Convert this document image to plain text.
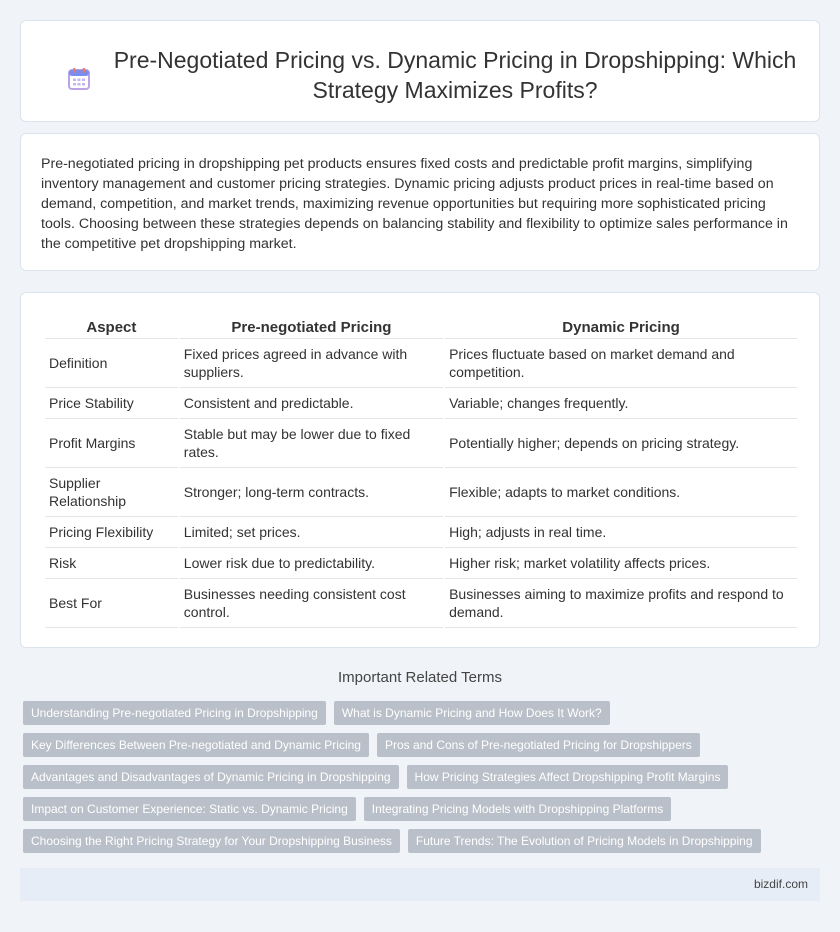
Pre-Negotiated Pricing vs. Dynamic Pricing in Dropshipping: Which Strategy Maximizes Profits?

Pre-negotiated pricing in dropshipping pet products ensures fixed costs and predictable profit margins, simplifying inventory management and customer pricing strategies. Dynamic pricing adjusts product prices in real-time based on demand, competition, and market trends, maximizing revenue opportunities but requiring more sophisticated pricing tools. Choosing between these strategies depends on balancing stability and flexibility to optimize sales performance in the competitive pet dropshipping market.

Aspect	Pre-negotiated Pricing	Dynamic Pricing
Definition	Fixed prices agreed in advance with suppliers.	Prices fluctuate based on market demand and competition.
Price Stability	Consistent and predictable.	Variable; changes frequently.
Profit Margins	Stable but may be lower due to fixed rates.	Potentially higher; depends on pricing strategy.
Supplier Relationship	Stronger; long-term contracts.	Flexible; adapts to market conditions.
Pricing Flexibility	Limited; set prices.	High; adjusts in real time.
Risk	Lower risk due to predictability.	Higher risk; market volatility affects prices.
Best For	Businesses needing consistent cost control.	Businesses aiming to maximize profits and respond to demand.
Important Related Terms
Understanding Pre-negotiated Pricing in Dropshipping	What is Dynamic Pricing and How Does It Work?
Key Differences Between Pre-negotiated and Dynamic Pricing	Pros and Cons of Pre-negotiated Pricing for Dropshippers
Advantages and Disadvantages of Dynamic Pricing in Dropshipping	How Pricing Strategies Affect Dropshipping Profit Margins
Impact on Customer Experience: Static vs. Dynamic Pricing	Integrating Pricing Models with Dropshipping Platforms
Choosing the Right Pricing Strategy for Your Dropshipping Business	Future Trends: The Evolution of Pricing Models in Dropshipping
bizdif.com
